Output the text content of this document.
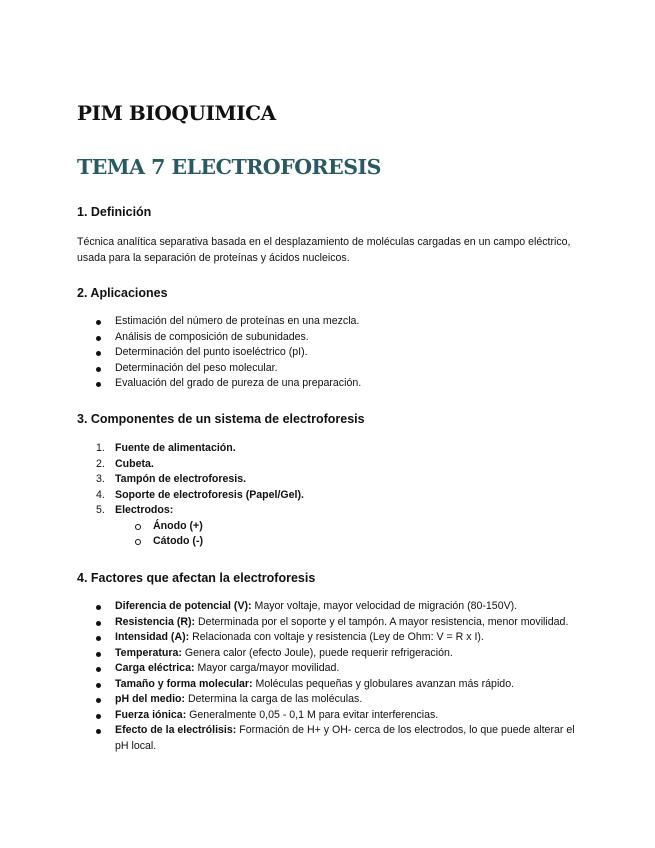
PIM BIOQUIMICA
TEMA 7 ELECTROFORESIS
1. Definición

Técnica analítica separativa basada en el desplazamiento de moléculas cargadas en un campo eléctrico, usada para la separación de proteínas y ácidos nucleicos.

2. Aplicaciones
Estimación del número de proteínas en una mezcla.
Análisis de composición de subunidades.
Determinación del punto isoeléctrico (pI).
Determinación del peso molecular.
Evaluación del grado de pureza de una preparación.
3. Componentes de un sistema de electroforesis
1. Fuente de alimentación.
2. Cubeta.
3. Tampón de electroforesis.
4. Soporte de electroforesis (Papel/Gel).
5. Electrodos:
Ánodo (+)
Cátodo (-)
4. Factores que afectan la electroforesis
Diferencia de potencial (V): Mayor voltaje, mayor velocidad de migración (80-150V).
Resistencia (R): Determinada por el soporte y el tampón. A mayor resistencia, menor movilidad.
Intensidad (A): Relacionada con voltaje y resistencia (Ley de Ohm: V = R x I).
Temperatura: Genera calor (efecto Joule), puede requerir refrigeración.
Carga eléctrica: Mayor carga/mayor movilidad.
Tamaño y forma molecular: Moléculas pequeñas y globulares avanzan más rápido.
pH del medio: Determina la carga de las moléculas.
Fuerza iónica: Generalmente 0,05 - 0,1 M para evitar interferencias.
Efecto de la electrólisis: Formación de H+ y OH- cerca de los electrodos, lo que puede alterar el pH local.
